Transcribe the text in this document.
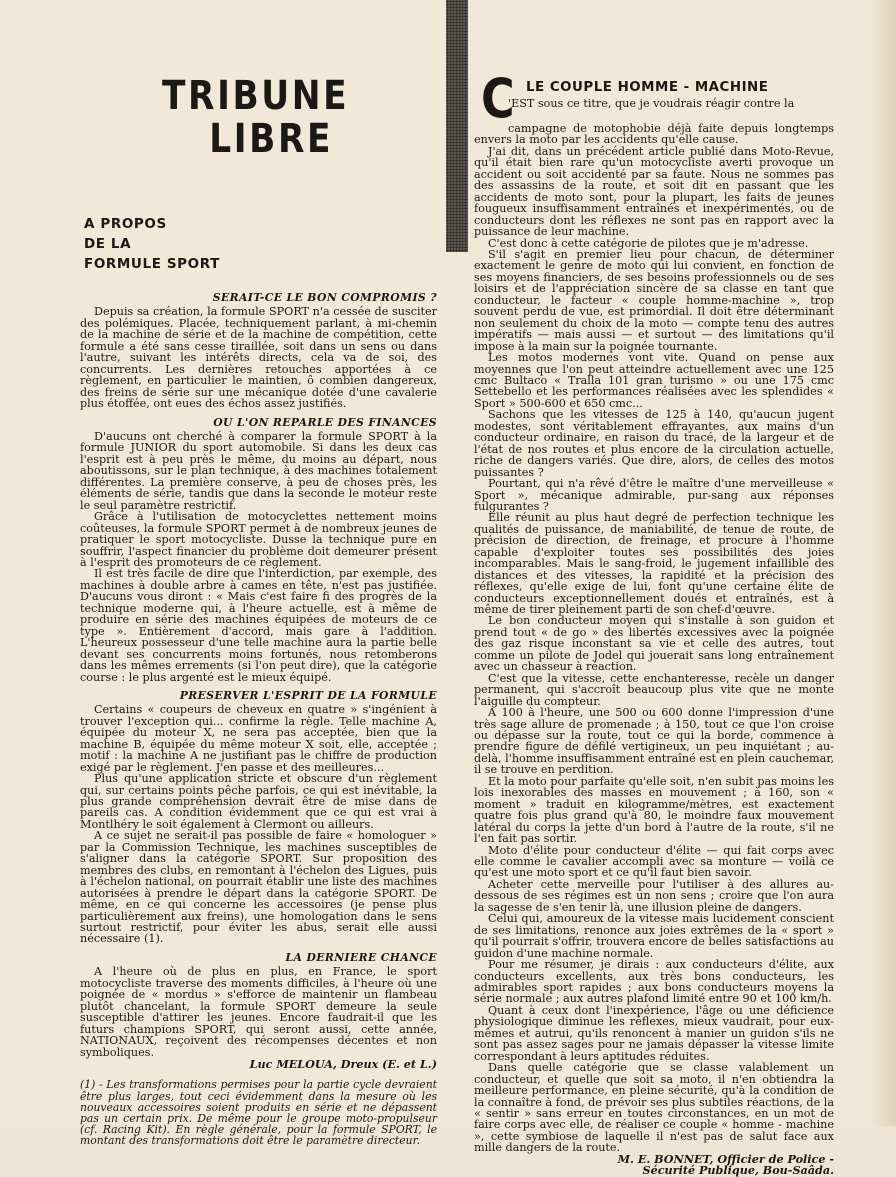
TRIBUNE
LIBRE
A PROPOS
DE LA
FORMULE SPORT
SERAIT-CE LE BON COMPROMIS ?

Depuis sa création, la formule SPORT n'a cessée de susciter des polémiques. Placée, techniquement parlant, à mi-chemin de la machine de série et de la machine de compétition, cette formule a été sans cesse tiraillée, soit dans un sens ou dans l'autre, suivant les intérêts directs, cela va de soi, des concurrents. Les dernières retouches apportées à ce règlement, en particulier le maintien, ô combien dangereux, des freins de série sur une mécanique dotée d'une cavalerie plus étoffée, ont eues des échos assez justifiés.

OU L'ON REPARLE DES FINANCES

D'aucuns ont cherché à comparer la formule SPORT à la formule JUNIOR du sport automobile. Si dans les deux cas l'esprit est à peu près le même, du moins au départ, nous aboutissons, sur le plan technique, à des machines totalement différentes. La première conserve, à peu de choses près, les éléments de série, tandis que dans la seconde le moteur reste le seul paramètre restrictif.

Grâce à l'utilisation de motocyclettes nettement moins coûteuses, la formule SPORT permet à de nombreux jeunes de pratiquer le sport motocycliste. Dusse la technique pure en souffrir, l'aspect financier du problème doit demeurer présent à l'esprit des promoteurs de ce règlement.

Il est très facile de dire que l'interdiction, par exemple, des machines à double arbre à cames en tête, n'est pas justifiée. D'aucuns vous diront : « Mais c'est faire fi des progrès de la technique moderne qui, à l'heure actuelle, est à même de produire en série des machines équipées de moteurs de ce type ». Entièrement d'accord, mais gare à l'addition. L'heureux possesseur d'une telle machine aura la partie belle devant ses concurrents moins fortunés, nous retomberons dans les mêmes errements (si l'on peut dire), que la catégorie course : le plus argenté est le mieux équipé.

PRESERVER L'ESPRIT DE LA FORMULE

Certains « coupeurs de cheveux en quatre » s'ingénient à trouver l'exception qui... confirme la règle. Telle machine A, équipée du moteur X, ne sera pas acceptée, bien que la machine B, équipée du même moteur X soit, elle, acceptée ; motif : la machine A ne justifiant pas le chiffre de production exigé par le règlement. J'en passe et des meilleures...

Plus qu'une application stricte et obscure d'un règlement qui, sur certains points pêche parfois, ce qui est inévitable, la plus grande compréhension devrait être de mise dans de pareils cas. A condition évidemment que ce qui est vrai à Montlhéry le soit également à Clermont ou ailleurs.

A ce sujet ne serait-il pas possible de faire « homologuer » par la Commission Technique, les machines susceptibles de s'aligner dans la catégorie SPORT. Sur proposition des membres des clubs, en remontant à l'échelon des Ligues, puis à l'échelon national, on pourrait établir une liste des machines autorisées à prendre le départ dans la catégorie SPORT. De même, en ce qui concerne les accessoires (je pense plus particulièrement aux freins), une homologation dans le sens surtout restrictif, pour éviter les abus, serait elle aussi nécessaire (1).

LA DERNIERE CHANCE

A l'heure où de plus en plus, en France, le sport motocycliste traverse des moments difficiles, à l'heure où une poignée de « mordus » s'efforce de maintenir un flambeau plutôt chancelant, la formule SPORT demeure la seule susceptible d'attirer les jeunes. Encore faudrait-il que les futurs champions SPORT, qui seront aussi, cette année, NATIONAUX, reçoivent des récompenses décentes et non symboliques.

Luc MELOUA, Dreux (E. et L.)

(1) - Les transformations permises pour la partie cycle devraient être plus larges, tout ceci évidemment dans la mesure où les nouveaux accessoires soient produits en série et ne dépassent pas un certain prix. De même pour le groupe moto-propulseur (cf. Racing Kit). En règle générale, pour la formule SPORT, le montant des transformations doit être le paramètre directeur.

C LE COUPLE HOMME - MACHINE
'EST sous ce titre, que je voudrais réagir contre la

campagne de motophobie déjà faite depuis longtemps envers la moto par les accidents qu'elle cause.

J'ai dit, dans un précédent article publié dans Moto-Revue, qu'il était bien rare qu'un motocycliste averti provoque un accident ou soit accidenté par sa faute. Nous ne sommes pas des assassins de la route, et soit dit en passant que les accidents de moto sont, pour la plupart, les faits de jeunes fougueux insuffisamment entraînés et inexpérimentés, ou de conducteurs dont les réflexes ne sont pas en rapport avec la puissance de leur machine.

C'est donc à cette catégorie de pilotes que je m'adresse.

S'il s'agit en premier lieu pour chacun, de déterminer exactement le genre de moto qui lui convient, en fonction de ses moyens financiers, de ses besoins professionnels ou de ses loisirs et de l'appréciation sincère de sa classe en tant que conducteur, le facteur « couple homme-machine », trop souvent perdu de vue, est primordial. Il doit être déterminant non seulement du choix de la moto — compte tenu des autres impératifs — mais aussi — et surtout — des limitations qu'il impose à la main sur la poignée tournante.

Les motos modernes vont vite. Quand on pense aux moyennes que l'on peut atteindre actuellement avec une 125 cmc Bultaco « Tralla 101 gran turismo » ou une 175 cmc Settebello et les performances réalisées avec les splendides « Sport » 500-600 et 650 cmc...

Sachons que les vitesses de 125 à 140, qu'aucun jugent modestes, sont véritablement effrayantes, aux mains d'un conducteur ordinaire, en raison du tracé, de la largeur et de l'état de nos routes et plus encore de la circulation actuelle, riche de dangers variés. Que dire, alors, de celles des motos puissantes ?

Pourtant, qui n'a rêvé d'être le maître d'une merveilleuse « Sport », mécanique admirable, pur-sang aux réponses fulgurantes ?

Elle réunit au plus haut degré de perfection technique les qualités de puissance, de maniabilité, de tenue de route, de précision de direction, de freinage, et procure à l'homme capable d'exploiter toutes ses possibilités des joies incomparables. Mais le sang-froid, le jugement infaillible des distances et des vitesses, la rapidité et la précision des réflexes, qu'elle exige de lui, font qu'une certaine élite de conducteurs exceptionnellement doués et entraînés, est à même de tirer pleinement parti de son chef-d'œuvre.

Le bon conducteur moyen qui s'installe à son guidon et prend tout « de go » des libertés excessives avec la poignée des gaz risque inconstant sa vie et celle des autres, tout comme un pilote de Jodel qui jouerait sans long entraînement avec un chasseur à réaction.

C'est que la vitesse, cette enchanteresse, recèle un danger permanent, qui s'accroît beaucoup plus vite que ne monte l'aiguille du compteur.

A 100 à l'heure, une 500 ou 600 donne l'impression d'une très sage allure de promenade ; à 150, tout ce que l'on croise ou dépasse sur la route, tout ce qui la borde, commence à prendre figure de défilé vertigineux, un peu inquiétant ; au-delà, l'homme insuffisamment entraîné est en plein cauchemar, il se trouve en perdition.

Et la moto pour parfaite qu'elle soit, n'en subit pas moins les lois inexorables des masses en mouvement ; à 160, son « moment » traduit en kilogramme/mètres, est exactement quatre fois plus grand qu'à 80, le moindre faux mouvement latéral du corps la jette d'un bord à l'autre de la route, s'il ne l'en fait pas sortir.

Moto d'élite pour conducteur d'élite — qui fait corps avec elle comme le cavalier accompli avec sa monture — voilà ce qu'est une moto sport et ce qu'il faut bien savoir.

Acheter cette merveille pour l'utiliser à des allures au-dessous de ses régimes est un non sens ; croire que l'on aura la sagesse de s'en tenir là, une illusion pleine de dangers.

Celui qui, amoureux de la vitesse mais lucidement conscient de ses limitations, renonce aux joies extrêmes de la « sport » qu'il pourrait s'offrir, trouvera encore de belles satisfactions au guidon d'une machine normale.

Pour me résumer, je dirais : aux conducteurs d'élite, aux conducteurs excellents, aux très bons conducteurs, les admirables sport rapides ; aux bons conducteurs moyens la série normale ; aux autres plafond limité entre 90 et 100 km/h.

Quant à ceux dont l'inexpérience, l'âge ou une déficience physiologique diminue les réflexes, mieux vaudrait, pour eux-mêmes et autrui, qu'ils renoncent à manier un guidon s'ils ne sont pas assez sages pour ne jamais dépasser la vitesse limite correspondant à leurs aptitudes réduites.

Dans quelle catégorie que se classe valablement un conducteur, et quelle que soit sa moto, il n'en obtiendra la meilleure performance, en pleine sécurité, qu'à la condition de la connaître à fond, de prévoir ses plus subtiles réactions, de la « sentir » sans erreur en toutes circonstances, en un mot de faire corps avec elle, de réaliser ce couple « homme - machine », cette symbiose de laquelle il n'est pas de salut face aux mille dangers de la route.

M. E. BONNET, Officier de Police -
Sécurité Publique, Bou-Saâda.
